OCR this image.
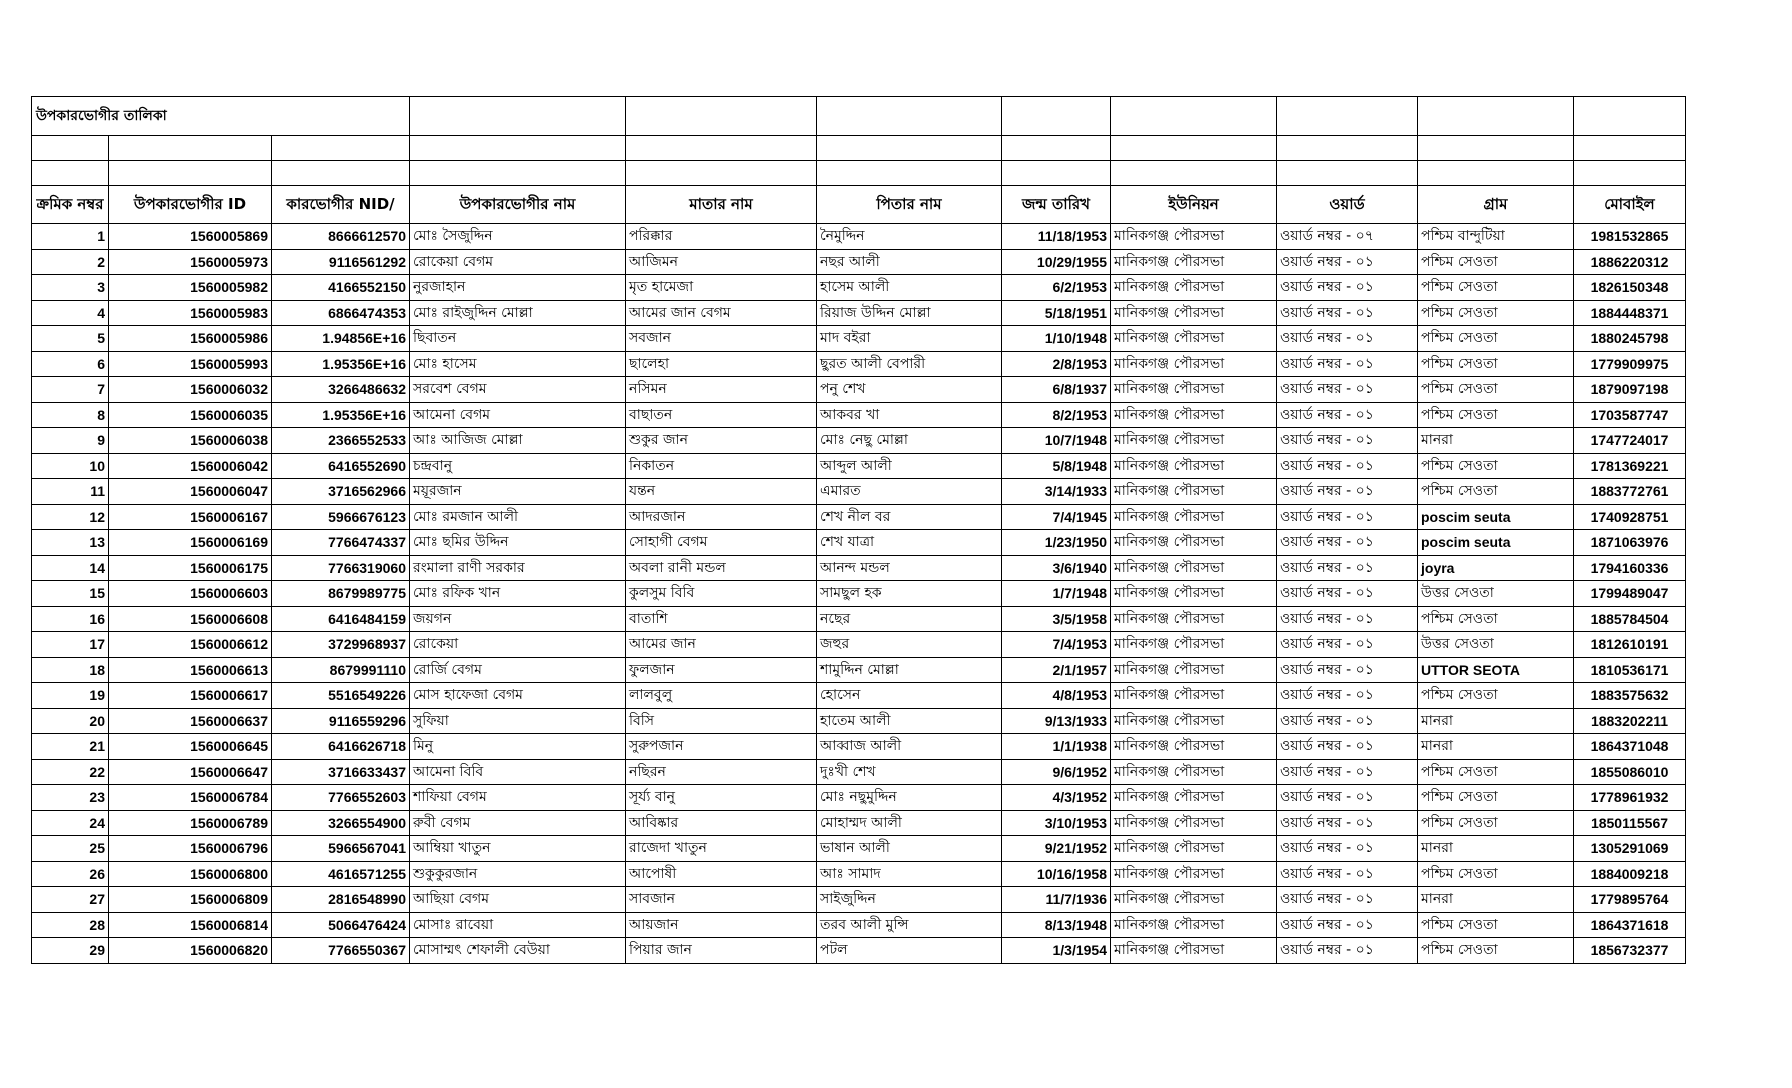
উপকারভোগীর তালিকা										

ক্রমিক নম্বর	উপকারভোগীর ID	কারভোগীর NID/	উপকারভোগীর নাম	মাতার নাম	পিতার নাম	জন্ম তারিখ	ইউনিয়ন	ওয়ার্ড	গ্রাম	মোবাইল
1	1560005869	8666612570	মোঃ সৈজুদ্দিন	পরিক্কার	নৈমুদ্দিন	11/18/1953	মানিকগঞ্জ পৌরসভা	ওয়ার্ড নম্বর - ০৭	পশ্চিম বান্দুটিয়া	1981532865
2	1560005973	9116561292	রোকেয়া বেগম	আজিমন	নছর আলী	10/29/1955	মানিকগঞ্জ পৌরসভা	ওয়ার্ড নম্বর - ০১	পশ্চিম সেওতা	1886220312
3	1560005982	4166552150	নুরজাহান	মৃত হামেজা	হাসেম আলী	6/2/1953	মানিকগঞ্জ পৌরসভা	ওয়ার্ড নম্বর - ০১	পশ্চিম সেওতা	1826150348
4	1560005983	6866474353	মোঃ রাইজুদ্দিন মোল্লা	আমের জান বেগম	রিয়াজ উদ্দিন মোল্লা	5/18/1951	মানিকগঞ্জ পৌরসভা	ওয়ার্ড নম্বর - ০১	পশ্চিম সেওতা	1884448371
5	1560005986	1.94856E+16	ছিবাতন	সবজান	মাদ বইরা	1/10/1948	মানিকগঞ্জ পৌরসভা	ওয়ার্ড নম্বর - ০১	পশ্চিম সেওতা	1880245798
6	1560005993	1.95356E+16	মোঃ হাসেম	ছালেহা	ছুরত আলী বেপারী	2/8/1953	মানিকগঞ্জ পৌরসভা	ওয়ার্ড নম্বর - ০১	পশ্চিম সেওতা	1779909975
7	1560006032	3266486632	সরবেশ বেগম	নসিমন	পনু শেখ	6/8/1937	মানিকগঞ্জ পৌরসভা	ওয়ার্ড নম্বর - ০১	পশ্চিম সেওতা	1879097198
8	1560006035	1.95356E+16	আমেনা বেগম	বাছাতন	আকবর খা	8/2/1953	মানিকগঞ্জ পৌরসভা	ওয়ার্ড নম্বর - ০১	পশ্চিম সেওতা	1703587747
9	1560006038	2366552533	আঃ আজিজ মোল্লা	শুকুর জান	মোঃ নেছু মোল্লা	10/7/1948	মানিকগঞ্জ পৌরসভা	ওয়ার্ড নম্বর - ০১	মানরা	1747724017
10	1560006042	6416552690	চন্দ্রবানু	নিকাতন	আব্দুল আলী	5/8/1948	মানিকগঞ্জ পৌরসভা	ওয়ার্ড নম্বর - ০১	পশ্চিম সেওতা	1781369221
11	1560006047	3716562966	ময়ূরজান	যন্তন	এমারত	3/14/1933	মানিকগঞ্জ পৌরসভা	ওয়ার্ড নম্বর - ০১	পশ্চিম সেওতা	1883772761
12	1560006167	5966676123	মোঃ রমজান আলী	আদরজান	শেখ নীল বর	7/4/1945	মানিকগঞ্জ পৌরসভা	ওয়ার্ড নম্বর - ০১	poscim seuta	1740928751
13	1560006169	7766474337	মোঃ ছমির উদ্দিন	সোহাগী বেগম	শেখ যাত্রা	1/23/1950	মানিকগঞ্জ পৌরসভা	ওয়ার্ড নম্বর - ০১	poscim seuta	1871063976
14	1560006175	7766319060	রংমালা রাণী সরকার	অবলা রানী মন্ডল	আনন্দ মন্ডল	3/6/1940	মানিকগঞ্জ পৌরসভা	ওয়ার্ড নম্বর - ০১	joyra	1794160336
15	1560006603	8679989775	মোঃ রফিক খান	কুলসুম বিবি	সামছুল হক	1/7/1948	মানিকগঞ্জ পৌরসভা	ওয়ার্ড নম্বর - ০১	উত্তর সেওতা	1799489047
16	1560006608	6416484159	জয়গন	বাতাশি	নছের	3/5/1958	মানিকগঞ্জ পৌরসভা	ওয়ার্ড নম্বর - ০১	পশ্চিম সেওতা	1885784504
17	1560006612	3729968937	রোকেয়া	আমের জান	জহুর	7/4/1953	মানিকগঞ্জ পৌরসভা	ওয়ার্ড নম্বর - ০১	উত্তর সেওতা	1812610191
18	1560006613	8679991110	রোর্জি বেগম	ফুলজান	শামুদ্দিন মোল্লা	2/1/1957	মানিকগঞ্জ পৌরসভা	ওয়ার্ড নম্বর - ০১	UTTOR SEOTA	1810536171
19	1560006617	5516549226	মোস হাফেজা বেগম	লালবুলু	হোসেন	4/8/1953	মানিকগঞ্জ পৌরসভা	ওয়ার্ড নম্বর - ০১	পশ্চিম সেওতা	1883575632
20	1560006637	9116559296	সুফিয়া	বিসি	হাতেম আলী	9/13/1933	মানিকগঞ্জ পৌরসভা	ওয়ার্ড নম্বর - ০১	মানরা	1883202211
21	1560006645	6416626718	মিনু	সুরুপজান	আব্বাজ আলী	1/1/1938	মানিকগঞ্জ পৌরসভা	ওয়ার্ড নম্বর - ০১	মানরা	1864371048
22	1560006647	3716633437	আমেনা বিবি	নছিরন	দুঃখী শেখ	9/6/1952	মানিকগঞ্জ পৌরসভা	ওয়ার্ড নম্বর - ০১	পশ্চিম সেওতা	1855086010
23	1560006784	7766552603	শাফিয়া বেগম	সূর্য্য বানু	মোঃ নছুমুদ্দিন	4/3/1952	মানিকগঞ্জ পৌরসভা	ওয়ার্ড নম্বর - ০১	পশ্চিম সেওতা	1778961932
24	1560006789	3266554900	রুবী বেগম	আবিষ্কার	মোহাম্মদ আলী	3/10/1953	মানিকগঞ্জ পৌরসভা	ওয়ার্ড নম্বর - ০১	পশ্চিম সেওতা	1850115567
25	1560006796	5966567041	আম্বিয়া খাতুন	রাজেদা খাতুন	ভাষান আলী	9/21/1952	মানিকগঞ্জ পৌরসভা	ওয়ার্ড নম্বর - ০১	মানরা	1305291069
26	1560006800	4616571255	শুকুকুরজান	আপোষী	আঃ সামাদ	10/16/1958	মানিকগঞ্জ পৌরসভা	ওয়ার্ড নম্বর - ০১	পশ্চিম সেওতা	1884009218
27	1560006809	2816548990	আছিয়া বেগম	সাবজান	সাইজুদ্দিন	11/7/1936	মানিকগঞ্জ পৌরসভা	ওয়ার্ড নম্বর - ০১	মানরা	1779895764
28	1560006814	5066476424	মোসাঃ রাবেয়া	আয়জান	তরব আলী মুন্সি	8/13/1948	মানিকগঞ্জ পৌরসভা	ওয়ার্ড নম্বর - ০১	পশ্চিম সেওতা	1864371618
29	1560006820	7766550367	মোসাম্মৎ শেফালী বেউয়া	পিয়ার জান	পটল	1/3/1954	মানিকগঞ্জ পৌরসভা	ওয়ার্ড নম্বর - ০১	পশ্চিম সেওতা	1856732377
